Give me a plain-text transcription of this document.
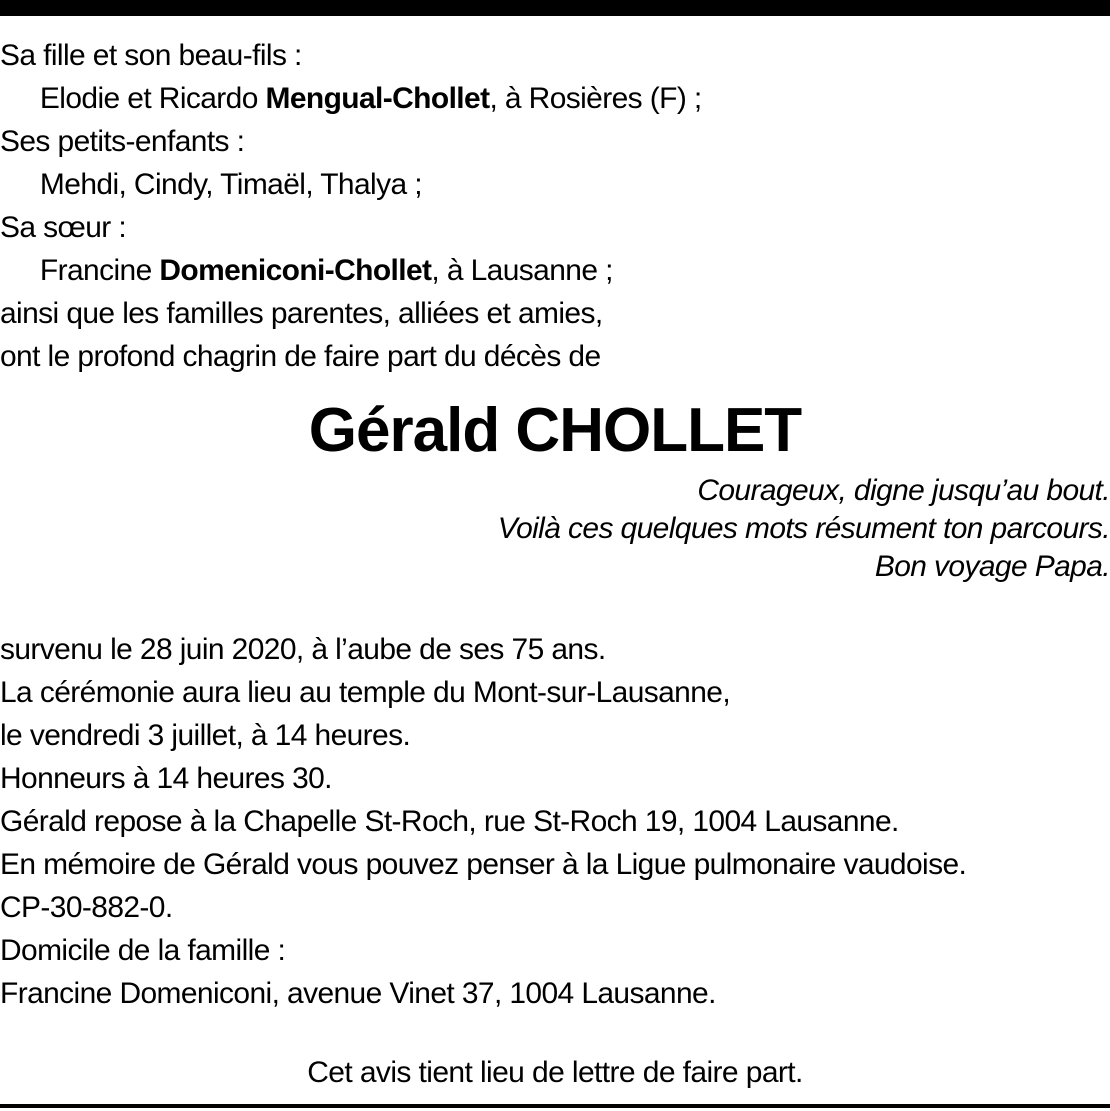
Sa fille et son beau-fils :
Elodie et Ricardo Mengual-Chollet, à Rosières (F) ;
Ses petits-enfants :
Mehdi, Cindy, Timaël, Thalya ;
Sa sœur :
Francine Domeniconi-Chollet, à Lausanne ;
ainsi que les familles parentes, alliées et amies,
ont le profond chagrin de faire part du décès de
Gérald CHOLLET
Courageux, digne jusqu’au bout.
Voilà ces quelques mots résument ton parcours.
Bon voyage Papa.
survenu le 28 juin 2020, à l’aube de ses 75 ans.
La cérémonie aura lieu au temple du Mont-sur-Lausanne,
le vendredi 3 juillet, à 14 heures.
Honneurs à 14 heures 30.
Gérald repose à la Chapelle St-Roch, rue St-Roch 19, 1004 Lausanne.
En mémoire de Gérald vous pouvez penser à la Ligue pulmonaire vaudoise.
CP-30-882-0.
Domicile de la famille :
Francine Domeniconi, avenue Vinet 37, 1004 Lausanne.
Cet avis tient lieu de lettre de faire part.
